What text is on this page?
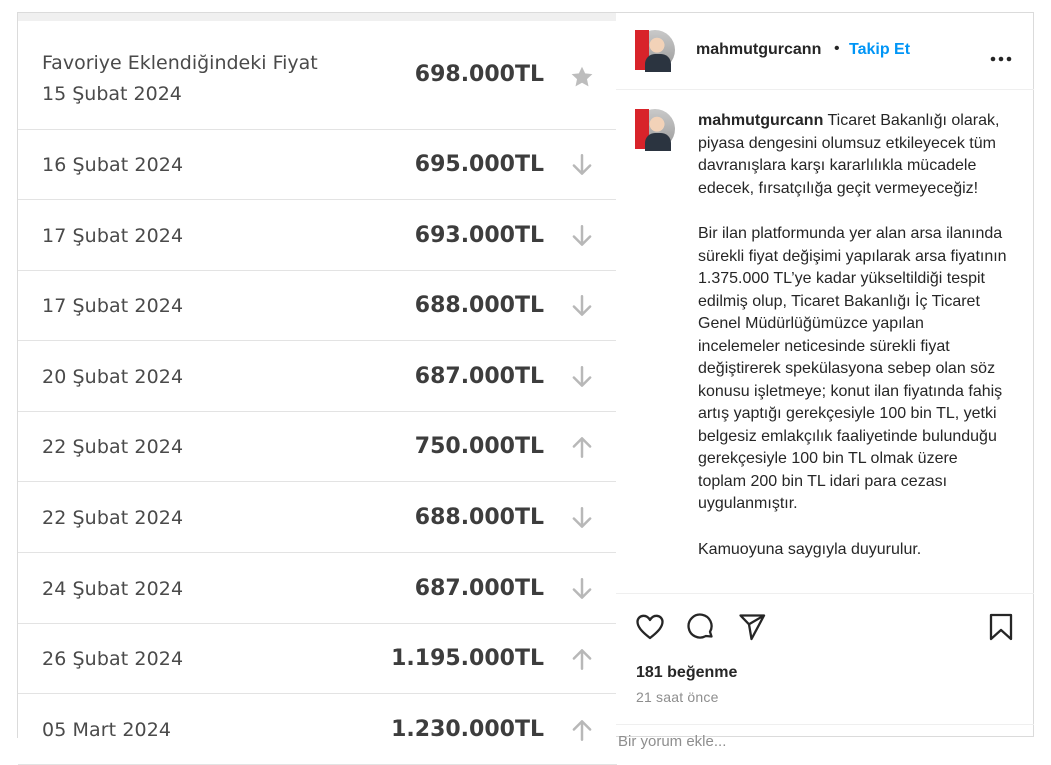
Favoriye Eklendiğindeki Fiyat
15 Şubat 2024
698.000TL
16 Şubat 2024	695.000TL
17 Şubat 2024	693.000TL
17 Şubat 2024	688.000TL
20 Şubat 2024	687.000TL
22 Şubat 2024	750.000TL
22 Şubat 2024	688.000TL
24 Şubat 2024	687.000TL
26 Şubat 2024	1.195.000TL
05 Mart 2024	1.230.000TL
mahmutgurcann • Takip Et

mahmutgurcann Ticaret Bakanlığı olarak, piyasa dengesini olumsuz etkileyecek tüm davranışlara karşı kararlılıkla mücadele edecek, fırsatçılığa geçit vermeyeceğiz!

Bir ilan platformunda yer alan arsa ilanında sürekli fiyat değişimi yapılarak arsa fiyatının 1.375.000 TL’ye kadar yükseltildiği tespit edilmiş olup, Ticaret Bakanlığı İç Ticaret Genel Müdürlüğümüzce yapılan incelemeler neticesinde sürekli fiyat değiştirerek spekülasyona sebep olan söz konusu işletmeye; konut ilan fiyatında fahiş artış yaptığı gerekçesiyle 100 bin TL, yetki belgesiz emlakçılık faaliyetinde bulunduğu gerekçesiyle 100 bin TL olmak üzere toplam 200 bin TL idari para cezası uygulanmıştır.

Kamuoyuna saygıyla duyurulur.

181 beğenme
21 saat önce
Bir yorum ekle...
